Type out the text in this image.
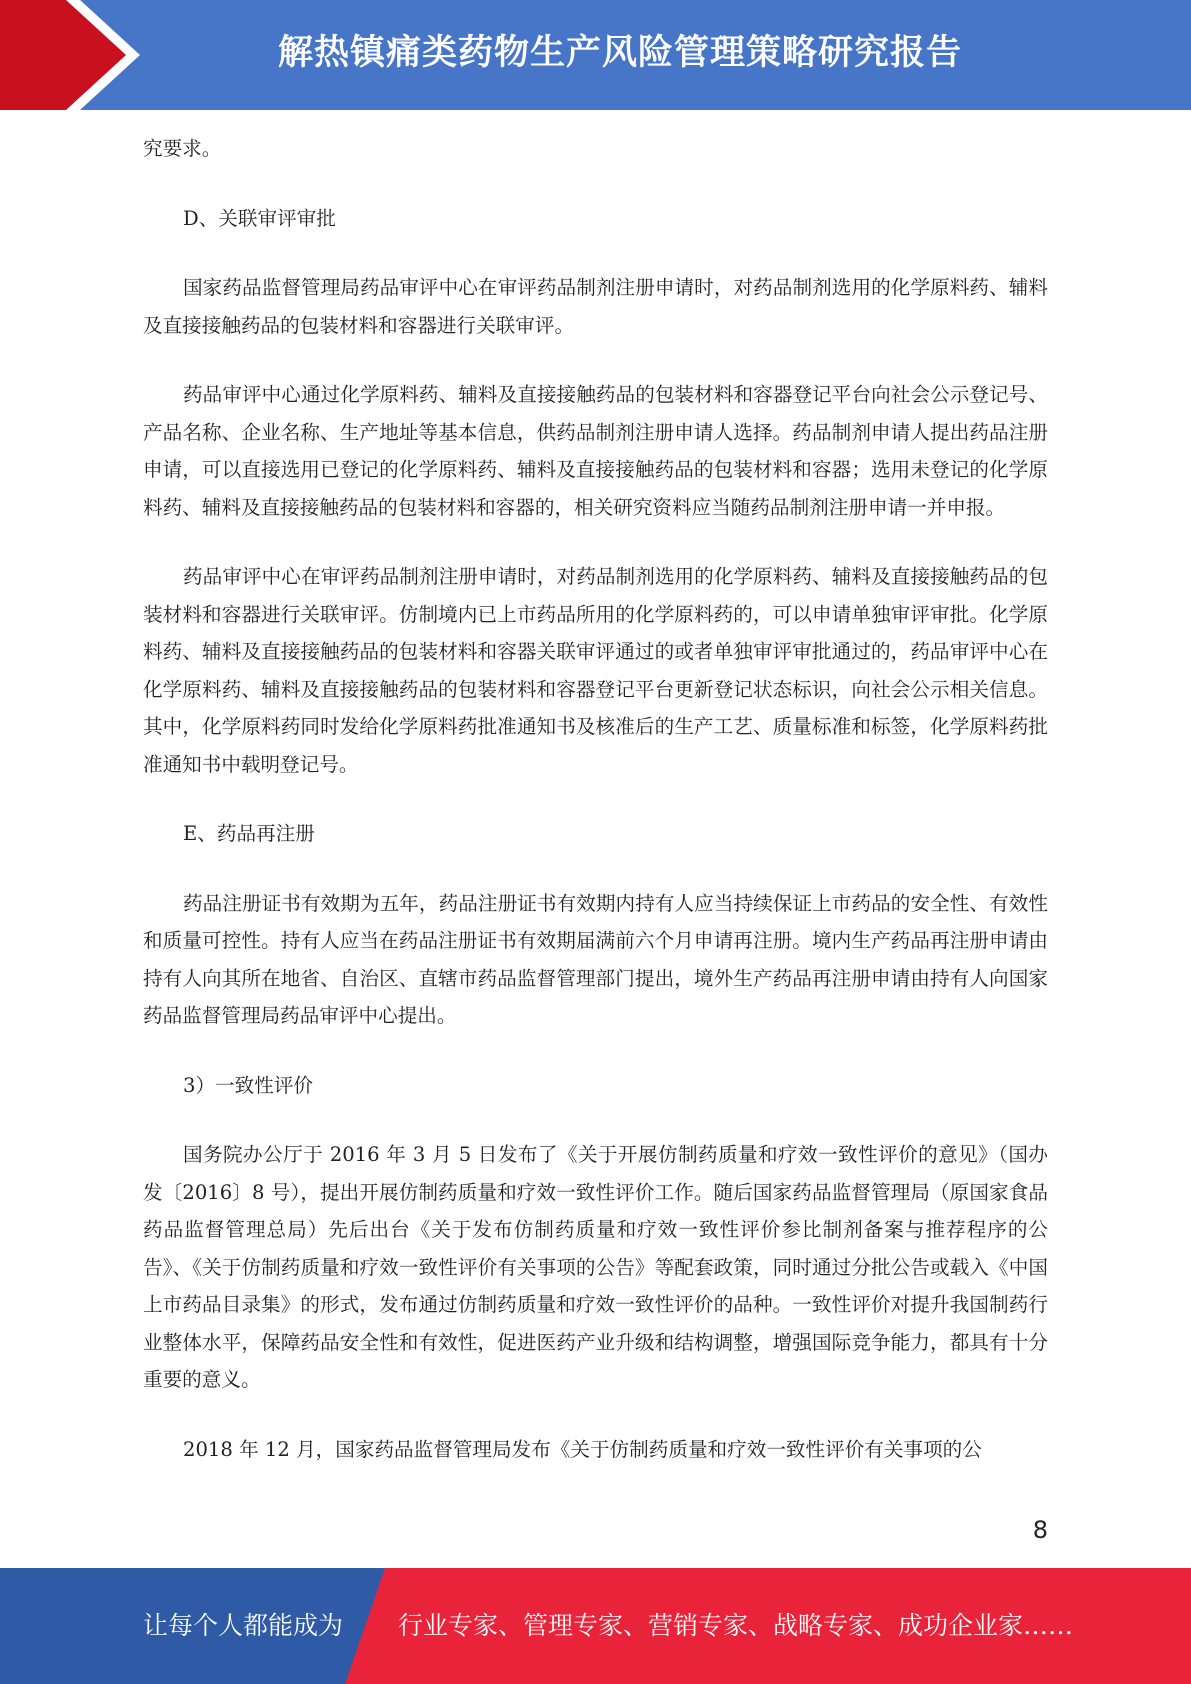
解热镇痛类药物生产风险管理策略研究报告

究要求。

D、关联审评审批

国家药品监督管理局药品审评中心在审评药品制剂注册申请时，对药品制剂选用的化学原料药、辅料及直接接触药品的包装材料和容器进行关联审评。

药品审评中心通过化学原料药、辅料及直接接触药品的包装材料和容器登记平台向社会公示登记号、产品名称、企业名称、生产地址等基本信息，供药品制剂注册申请人选择。药品制剂申请人提出药品注册申请，可以直接选用已登记的化学原料药、辅料及直接接触药品的包装材料和容器；选用未登记的化学原料药、辅料及直接接触药品的包装材料和容器的，相关研究资料应当随药品制剂注册申请一并申报。

药品审评中心在审评药品制剂注册申请时，对药品制剂选用的化学原料药、辅料及直接接触药品的包装材料和容器进行关联审评。仿制境内已上市药品所用的化学原料药的，可以申请单独审评审批。化学原料药、辅料及直接接触药品的包装材料和容器关联审评通过的或者单独审评审批通过的，药品审评中心在化学原料药、辅料及直接接触药品的包装材料和容器登记平台更新登记状态标识，向社会公示相关信息。其中，化学原料药同时发给化学原料药批准通知书及核准后的生产工艺、质量标准和标签，化学原料药批准通知书中载明登记号。

E、药品再注册

药品注册证书有效期为五年，药品注册证书有效期内持有人应当持续保证上市药品的安全性、有效性和质量可控性。持有人应当在药品注册证书有效期届满前六个月申请再注册。境内生产药品再注册申请由持有人向其所在地省、自治区、直辖市药品监督管理部门提出，境外生产药品再注册申请由持有人向国家药品监督管理局药品审评中心提出。

3）一致性评价

国务院办公厅于 2016 年 3 月 5 日发布了《关于开展仿制药质量和疗效一致性评价的意见》（国办发〔2016〕8 号），提出开展仿制药质量和疗效一致性评价工作。随后国家药品监督管理局（原国家食品药品监督管理总局）先后出台《关于发布仿制药质量和疗效一致性评价参比制剂备案与推荐程序的公告》、《关于仿制药质量和疗效一致性评价有关事项的公告》等配套政策，同时通过分批公告或载入《中国上市药品目录集》的形式，发布通过仿制药质量和疗效一致性评价的品种。一致性评价对提升我国制药行业整体水平，保障药品安全性和有效性，促进医药产业升级和结构调整，增强国际竞争能力，都具有十分重要的意义。

2018 年 12 月，国家药品监督管理局发布《关于仿制药质量和疗效一致性评价有关事项的公

8
让每个人都能成为 行业专家、管理专家、营销专家、战略专家、成功企业家……
